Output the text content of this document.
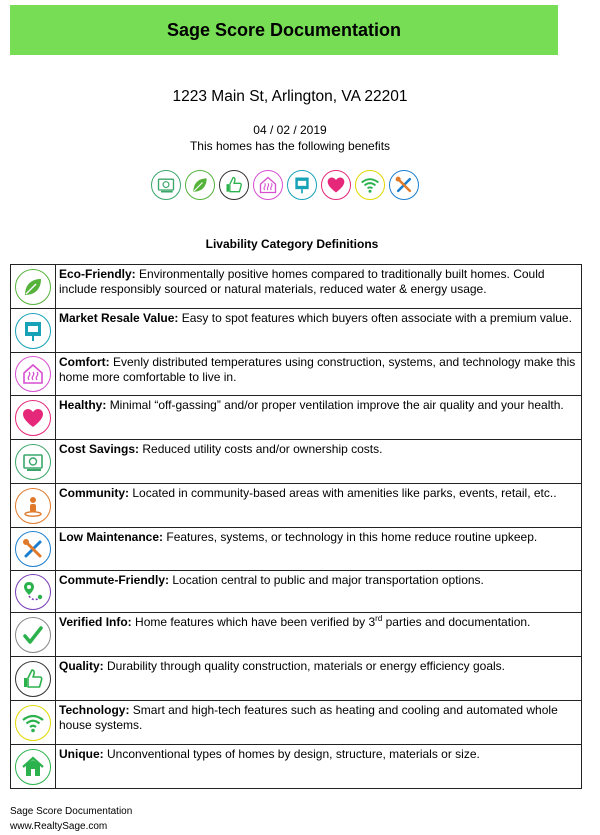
Sage Score Documentation
1223 Main St, Arlington, VA 22201
04 / 02 / 2019
This homes has the following benefits
Livability Category Definitions
	Eco-Friendly: Environmentally positive homes compared to traditionally built homes. Could include responsibly sourced or natural materials, reduced water & energy usage.

	Market Resale Value: Easy to spot features which buyers often associate with a premium value.

	Comfort: Evenly distributed temperatures using construction, systems, and technology make this home more comfortable to live in.

	Healthy: Minimal “off-gassing” and/or proper ventilation improve the air quality and your health.

	Cost Savings: Reduced utility costs and/or ownership costs.

	Community: Located in community-based areas with amenities like parks, events, retail, etc..

	Low Maintenance: Features, systems, or technology in this home reduce routine upkeep.

	Commute-Friendly: Location central to public and major transportation options.

	Verified Info: Home features which have been verified by 3rd parties and documentation.

	Quality: Durability through quality construction, materials or energy efficiency goals.

	Technology: Smart and high-tech features such as heating and cooling and automated whole house systems.

	Unique: Unconventional types of homes by design, structure, materials or size.
Sage Score Documentation
www.RealtySage.com
